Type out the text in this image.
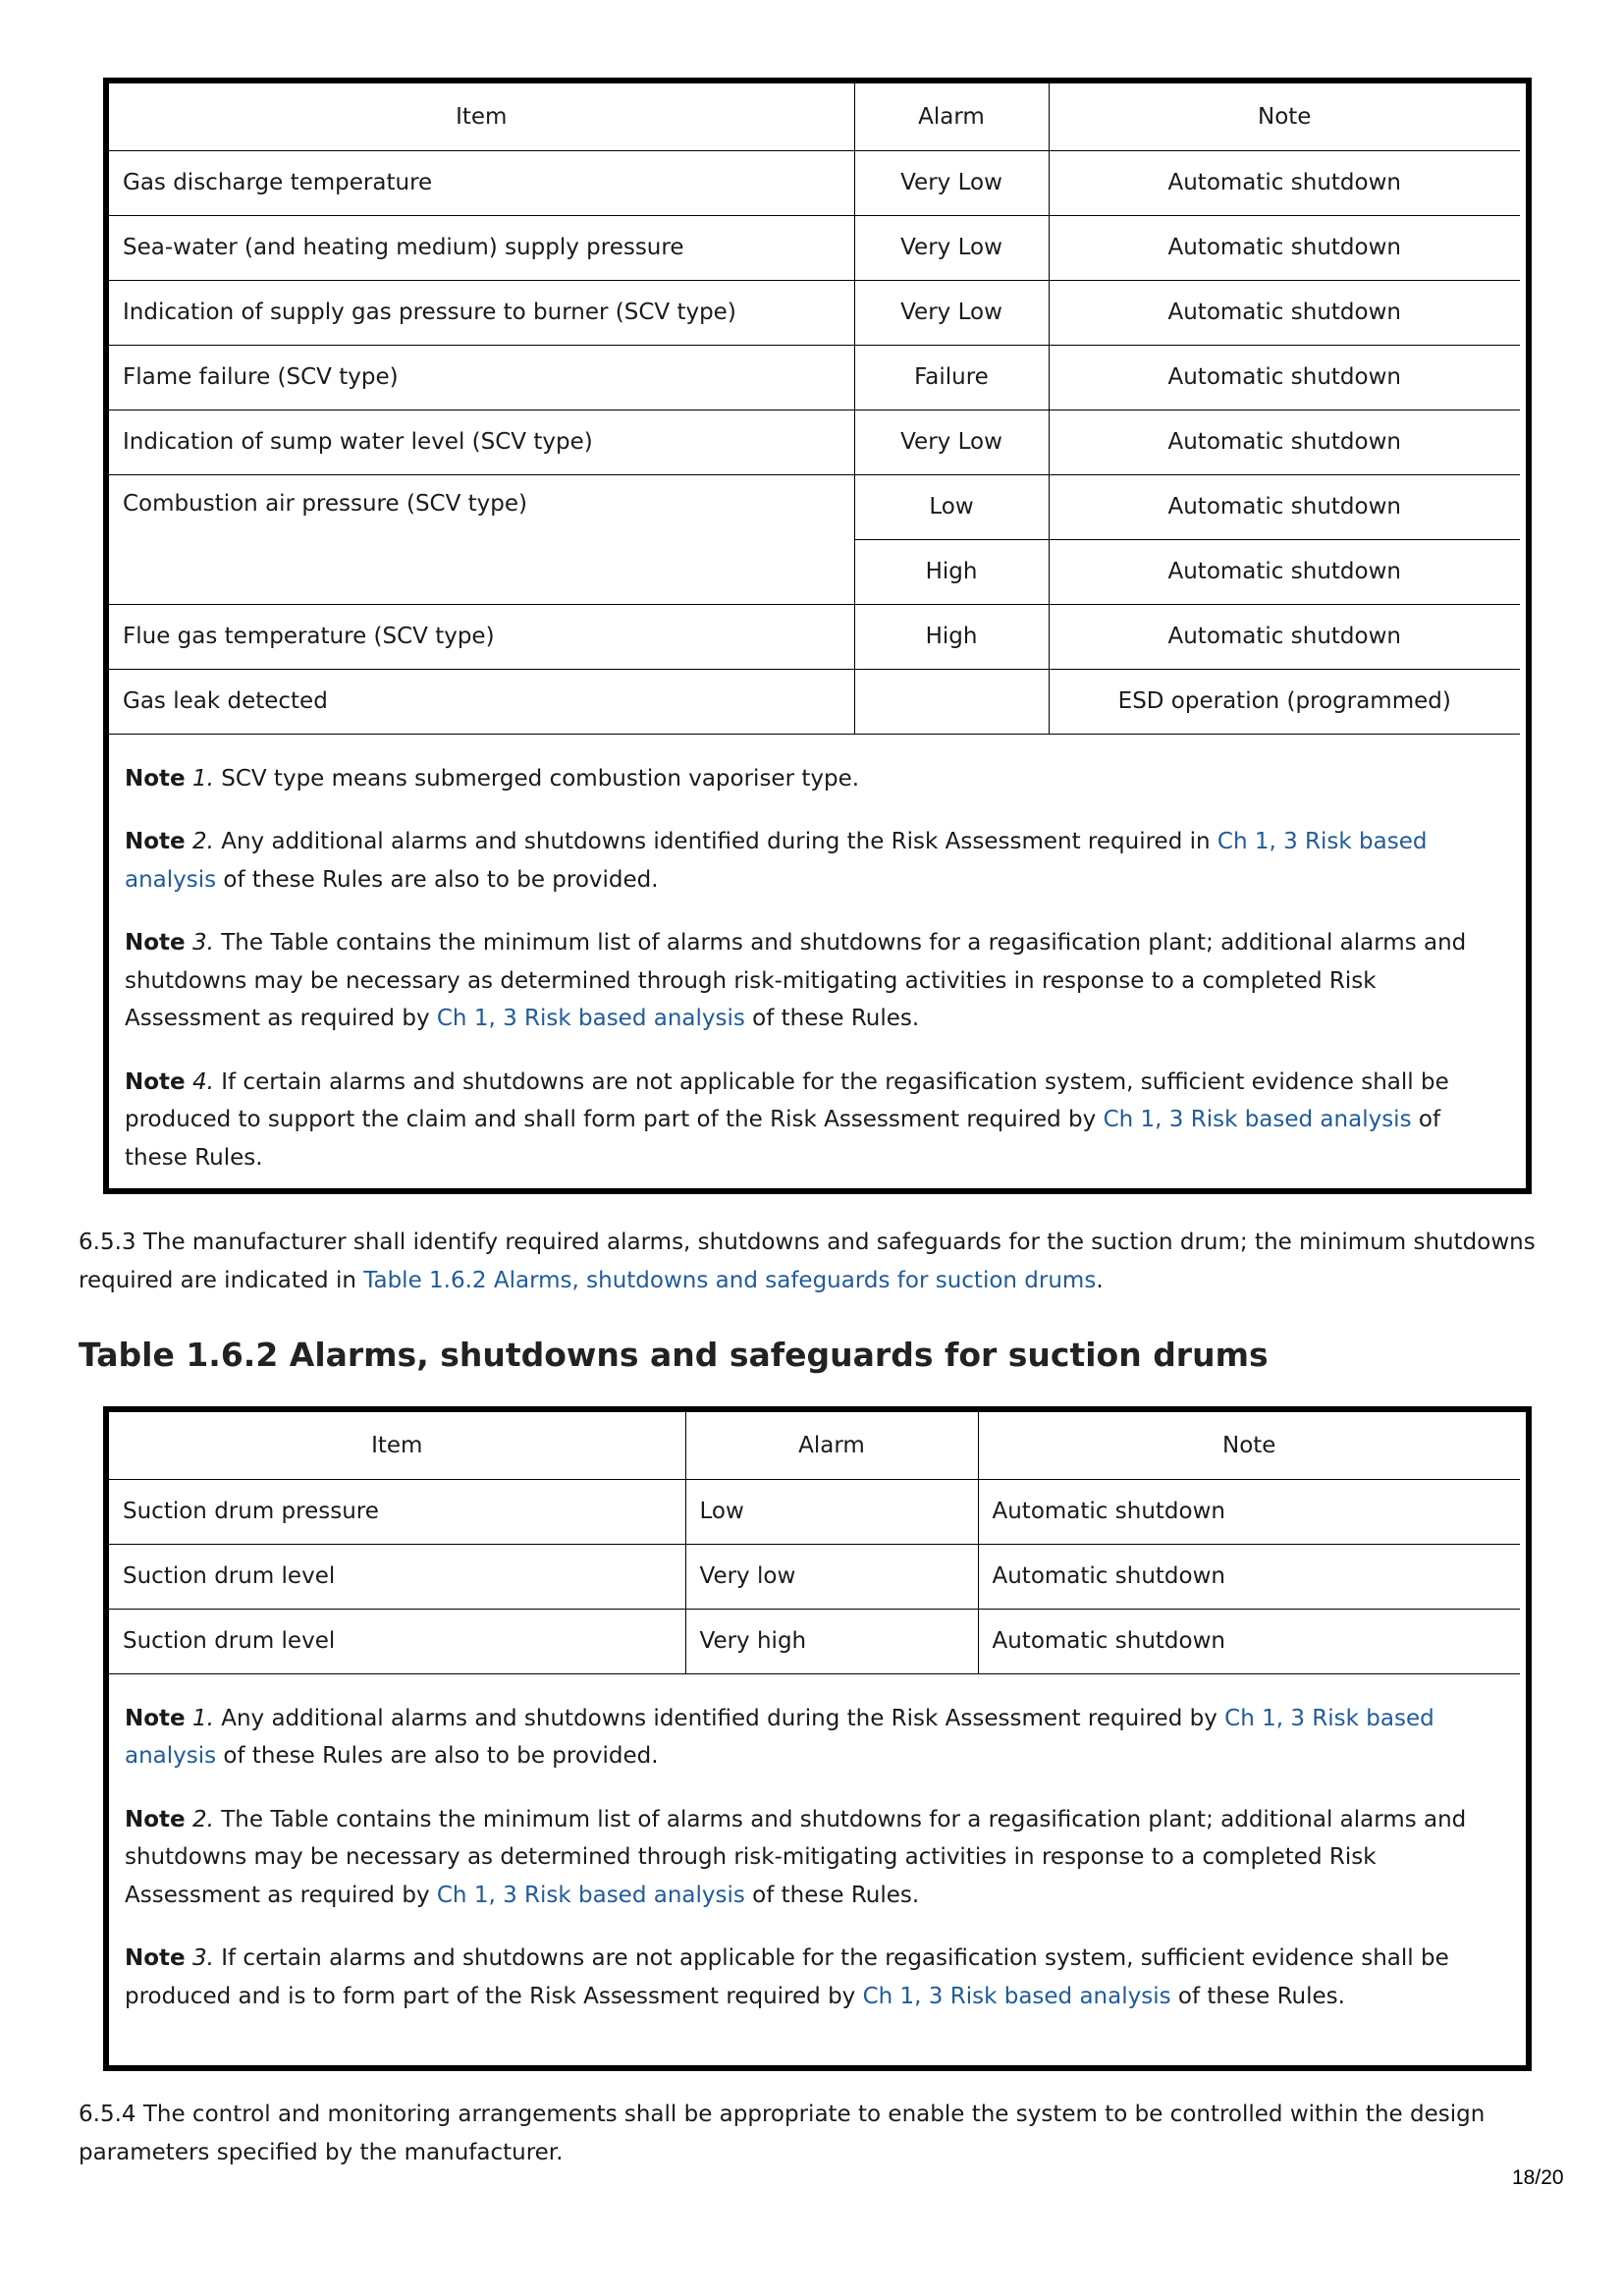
Item	Alarm	Note
Gas discharge temperature	Very Low	Automatic shutdown
Sea-water (and heating medium) supply pressure	Very Low	Automatic shutdown
Indication of supply gas pressure to burner (SCV type)	Very Low	Automatic shutdown
Flame failure (SCV type)	Failure	Automatic shutdown
Indication of sump water level (SCV type)	Very Low	Automatic shutdown
Combustion air pressure (SCV type)	Low	Automatic shutdown
	High	Automatic shutdown
Flue gas temperature (SCV type)	High	Automatic shutdown
Gas leak detected		ESD operation (programmed)

Note 1. SCV type means submerged combustion vaporiser type.

Note 2. Any additional alarms and shutdowns identified during the Risk Assessment required in Ch 1, 3 Risk based analysis of these Rules are also to be provided.

Note 3. The Table contains the minimum list of alarms and shutdowns for a regasification plant; additional alarms and shutdowns may be necessary as determined through risk-mitigating activities in response to a completed Risk Assessment as required by Ch 1, 3 Risk based analysis of these Rules.

Note 4. If certain alarms and shutdowns are not applicable for the regasification system, sufficient evidence shall be produced to support the claim and shall form part of the Risk Assessment required by Ch 1, 3 Risk based analysis of these Rules.

6.5.3 The manufacturer shall identify required alarms, shutdowns and safeguards for the suction drum; the minimum shutdowns required are indicated in Table 1.6.2 Alarms, shutdowns and safeguards for suction drums.

Table 1.6.2 Alarms, shutdowns and safeguards for suction drums
Item	Alarm	Note
Suction drum pressure	Low	Automatic shutdown
Suction drum level	Very low	Automatic shutdown
Suction drum level	Very high	Automatic shutdown

Note 1. Any additional alarms and shutdowns identified during the Risk Assessment required by Ch 1, 3 Risk based analysis of these Rules are also to be provided.

Note 2. The Table contains the minimum list of alarms and shutdowns for a regasification plant; additional alarms and shutdowns may be necessary as determined through risk-mitigating activities in response to a completed Risk Assessment as required by Ch 1, 3 Risk based analysis of these Rules.

Note 3. If certain alarms and shutdowns are not applicable for the regasification system, sufficient evidence shall be produced and is to form part of the Risk Assessment required by Ch 1, 3 Risk based analysis of these Rules.

6.5.4 The control and monitoring arrangements shall be appropriate to enable the system to be controlled within the design parameters specified by the manufacturer.

18/20
